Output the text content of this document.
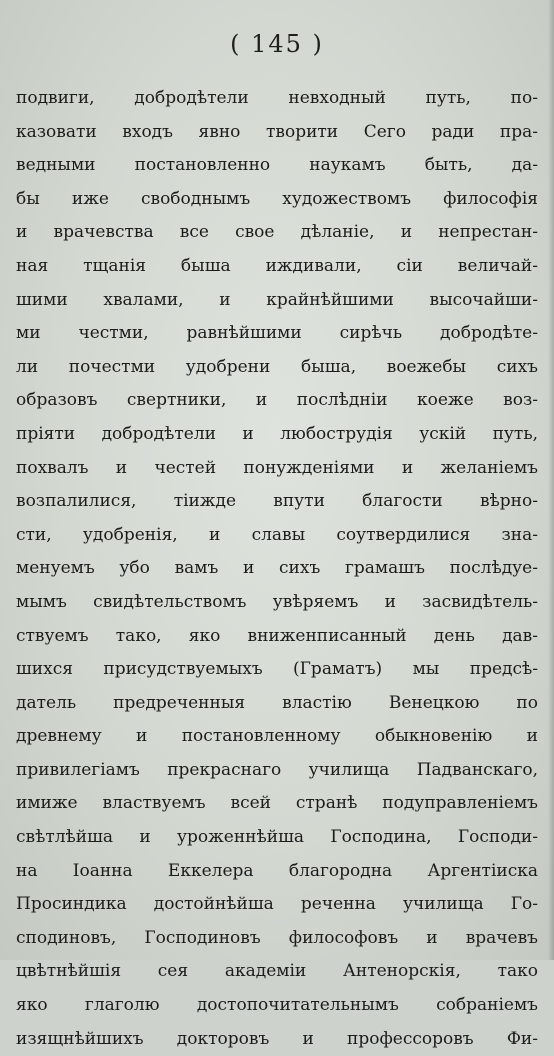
( 145 )
подвиги, добродѣтели невходный путь, по-
казовати входъ явно творити Сего ради пра-
ведными постановленно наукамъ быть, да-
бы иже свободнымъ художествомъ философія
и врачевства все свое дѣланіе, и непрестан-
ная тщанія быша иждивали, сіи величай-
шими хвалами, и крайнѣйшими высочайши-
ми честми, равнѣйшими сирѣчь добродѣте-
ли почестми удобрени быша, воежебы сихъ
образовъ свертники, и послѣдніи коеже воз-
пріяти добродѣтели и любострудія ускій путь,
похвалъ и честей понужденіями и желаніемъ
возпалилися, тіиждe впути благости вѣрно-
сти, удобренія, и славы соутвердилися зна-
менуемъ убо вамъ и сихъ грамашъ послѣдуе-
мымъ свидѣтельствомъ увѣряемъ и засвидѣтель-
ствуемъ тако, яко вниженписанный день дав-
шихся присудствуемыхъ (Граматъ) мы предсѣ-
датель предреченныя властію Венецкою по
древнему и постановленному обыкновенію и
привилегіамъ прекраснаго училища Падванскаго,
имиже властвуемъ всей странѣ подуправленіемъ
свѣтлѣйша и уроженнѣйша Господина, Господи-
на Іоанна Еккелера благородна Аргентіиска
Просиндика достойнѣйша реченна училища Го-
сподиновъ, Господиновъ философовъ и врачевъ
цвѣтнѣйшія сея академіи Антенорскія, тако
яко глаголю достопочитательнымъ собраніемъ
изящнѣйшихъ докторовъ и профессоровъ Фи-
